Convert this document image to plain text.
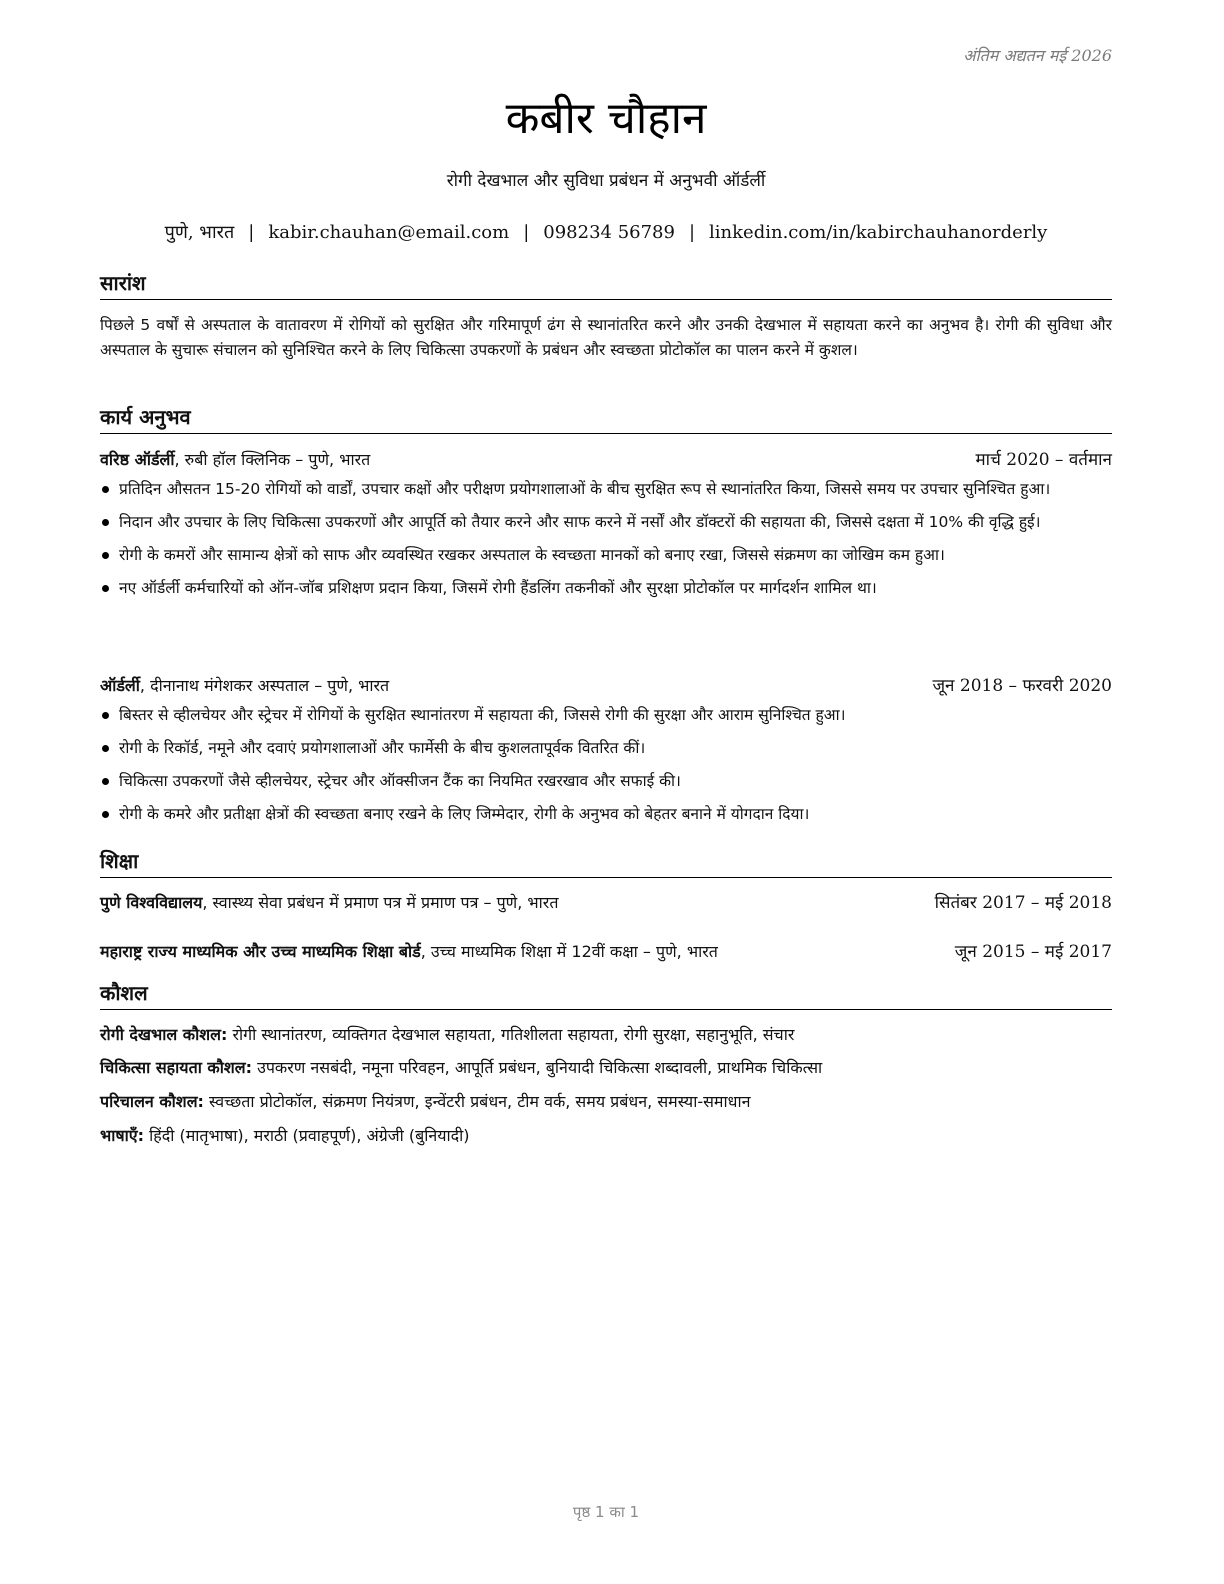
अंतिम अद्यतन मई 2026
कबीर चौहान
रोगी देखभाल और सुविधा प्रबंधन में अनुभवी ऑर्डर्ली
पुणे, भारत | kabir.chauhan@email.com | 098234 56789 | linkedin.com/in/kabirchauhanorderly
सारांश
पिछले 5 वर्षों से अस्पताल के वातावरण में रोगियों को सुरक्षित और गरिमापूर्ण ढंग से स्थानांतरित करने और उनकी देखभाल में सहायता करने का अनुभव है। रोगी की सुविधा और अस्पताल के सुचारू संचालन को सुनिश्चित करने के लिए चिकित्सा उपकरणों के प्रबंधन और स्वच्छता प्रोटोकॉल का पालन करने में कुशल।
कार्य अनुभव
वरिष्ठ ऑर्डर्ली, रुबी हॉल क्लिनिक – पुणे, भारत	मार्च 2020 – वर्तमान
प्रतिदिन औसतन 15-20 रोगियों को वार्डों, उपचार कक्षों और परीक्षण प्रयोगशालाओं के बीच सुरक्षित रूप से स्थानांतरित किया, जिससे समय पर उपचार सुनिश्चित हुआ।
निदान और उपचार के लिए चिकित्सा उपकरणों और आपूर्ति को तैयार करने और साफ करने में नर्सों और डॉक्टरों की सहायता की, जिससे दक्षता में 10% की वृद्धि हुई।
रोगी के कमरों और सामान्य क्षेत्रों को साफ और व्यवस्थित रखकर अस्पताल के स्वच्छता मानकों को बनाए रखा, जिससे संक्रमण का जोखिम कम हुआ।
नए ऑर्डर्ली कर्मचारियों को ऑन-जॉब प्रशिक्षण प्रदान किया, जिसमें रोगी हैंडलिंग तकनीकों और सुरक्षा प्रोटोकॉल पर मार्गदर्शन शामिल था।
ऑर्डर्ली, दीनानाथ मंगेशकर अस्पताल – पुणे, भारत	जून 2018 – फरवरी 2020
बिस्तर से व्हीलचेयर और स्ट्रेचर में रोगियों के सुरक्षित स्थानांतरण में सहायता की, जिससे रोगी की सुरक्षा और आराम सुनिश्चित हुआ।
रोगी के रिकॉर्ड, नमूने और दवाएं प्रयोगशालाओं और फार्मेसी के बीच कुशलतापूर्वक वितरित कीं।
चिकित्सा उपकरणों जैसे व्हीलचेयर, स्ट्रेचर और ऑक्सीजन टैंक का नियमित रखरखाव और सफाई की।
रोगी के कमरे और प्रतीक्षा क्षेत्रों की स्वच्छता बनाए रखने के लिए जिम्मेदार, रोगी के अनुभव को बेहतर बनाने में योगदान दिया।
शिक्षा
पुणे विश्वविद्यालय, स्वास्थ्य सेवा प्रबंधन में प्रमाण पत्र में प्रमाण पत्र – पुणे, भारत	सितंबर 2017 – मई 2018
महाराष्ट्र राज्य माध्यमिक और उच्च माध्यमिक शिक्षा बोर्ड, उच्च माध्यमिक शिक्षा में 12वीं कक्षा – पुणे, भारत	जून 2015 – मई 2017
कौशल
रोगी देखभाल कौशल: रोगी स्थानांतरण, व्यक्तिगत देखभाल सहायता, गतिशीलता सहायता, रोगी सुरक्षा, सहानुभूति, संचार
चिकित्सा सहायता कौशल: उपकरण नसबंदी, नमूना परिवहन, आपूर्ति प्रबंधन, बुनियादी चिकित्सा शब्दावली, प्राथमिक चिकित्सा
परिचालन कौशल: स्वच्छता प्रोटोकॉल, संक्रमण नियंत्रण, इन्वेंटरी प्रबंधन, टीम वर्क, समय प्रबंधन, समस्या-समाधान
भाषाएँ: हिंदी (मातृभाषा), मराठी (प्रवाहपूर्ण), अंग्रेजी (बुनियादी)
पृष्ठ 1 का 1
